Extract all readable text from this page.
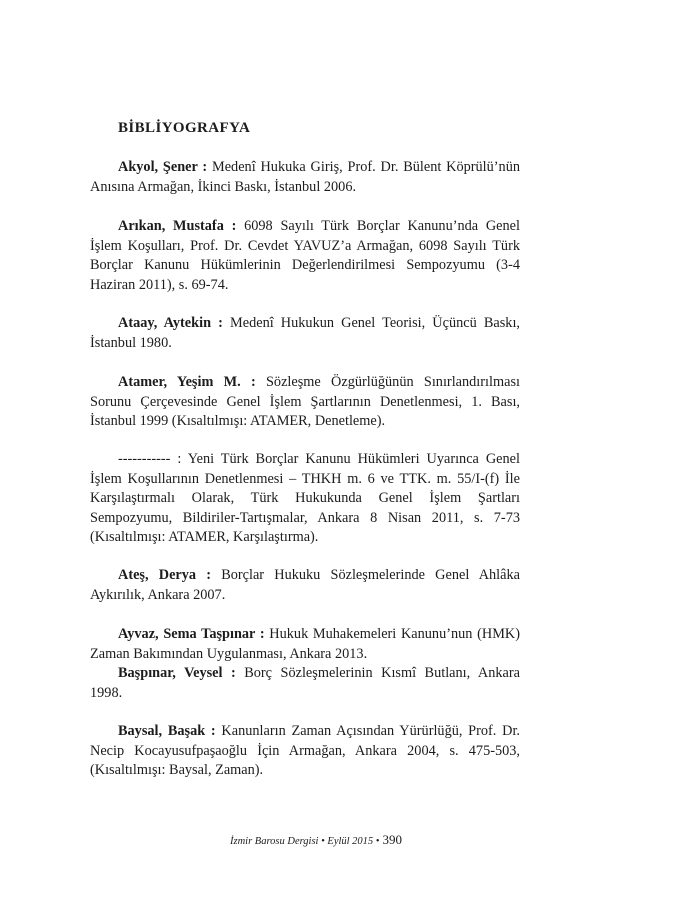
BİBLİYOGRAFYA

Akyol, Şener : Medenî Hukuka Giriş, Prof. Dr. Bülent Köprülü’nün Anısına Armağan, İkinci Baskı, İstanbul 2006.

Arıkan, Mustafa : 6098 Sayılı Türk Borçlar Kanunu’nda Genel İşlem Koşulları, Prof. Dr. Cevdet YAVUZ’a Armağan, 6098 Sayılı Türk Borçlar Kanunu Hükümlerinin Değerlendirilmesi Sempozyumu (3-4 Haziran 2011), s. 69-74.

Ataay, Aytekin : Medenî Hukukun Genel Teorisi, Üçüncü Baskı, İstanbul 1980.

Atamer, Yeşim M. : Sözleşme Özgürlüğünün Sınırlandırılması Sorunu Çerçevesinde Genel İşlem Şartlarının Denetlenmesi, 1. Bası, İstanbul 1999 (Kısaltılmışı: ATAMER, Denetleme).

----------- : Yeni Türk Borçlar Kanunu Hükümleri Uyarınca Genel İşlem Koşullarının Denetlenmesi – THKH m. 6 ve TTK. m. 55/I-(f) İle Karşılaştırmalı Olarak, Türk Hukukunda Genel İşlem Şartları Sempozyumu, Bildiriler-Tartışmalar, Ankara 8 Nisan 2011, s. 7-73 (Kısaltılmışı: ATAMER, Karşılaştırma).

Ateş, Derya : Borçlar Hukuku Sözleşmelerinde Genel Ahlâka Aykırılık, Ankara 2007.

Ayvaz, Sema Taşpınar : Hukuk Muhakemeleri Kanunu’nun (HMK) Zaman Bakımından Uygulanması, Ankara 2013.

Başpınar, Veysel : Borç Sözleşmelerinin Kısmî Butlanı, Ankara 1998.

Baysal, Başak : Kanunların Zaman Açısından Yürürlüğü, Prof. Dr. Necip Kocayusufpaşaoğlu İçin Armağan, Ankara 2004, s. 475-503, (Kısaltılmışı: Baysal, Zaman).

İzmir Barosu Dergisi • Eylül 2015 • 390
